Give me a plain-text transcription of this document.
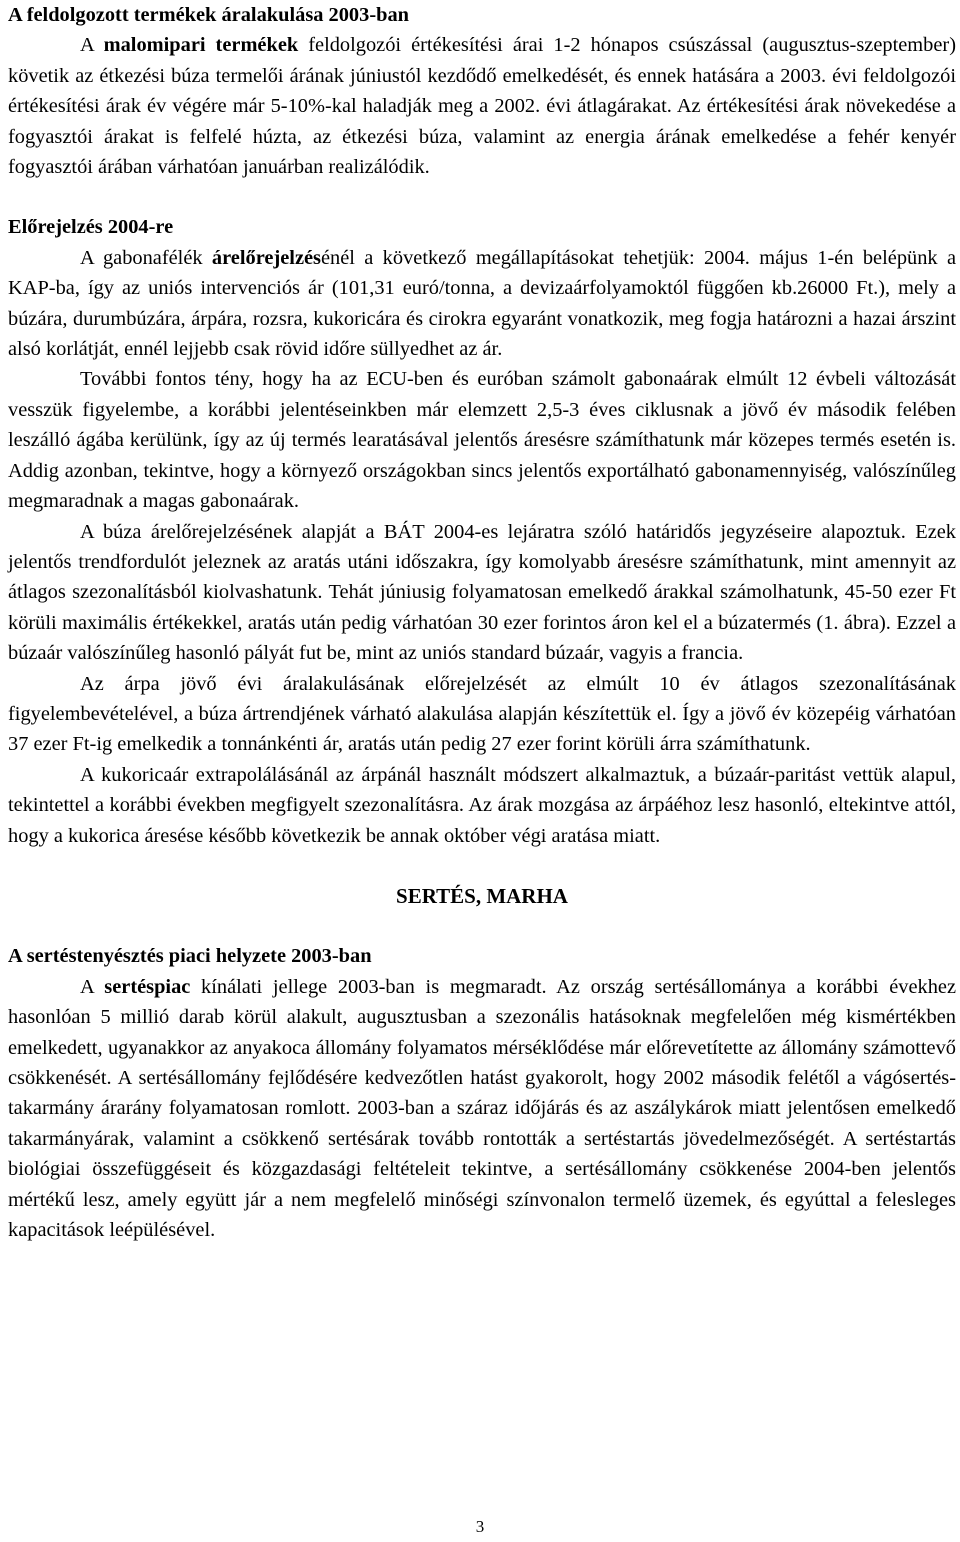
A feldolgozott termékek áralakulása 2003-ban

A malomipari termékek feldolgozói értékesítési árai 1-2 hónapos csúszással (augusztus-szeptember) követik az étkezési búza termelői árának júniustól kezdődő emelkedését, és ennek hatására a 2003. évi feldolgozói értékesítési árak év végére már 5-10%-kal haladják meg a 2002. évi átlagárakat. Az értékesítési árak növekedése a fogyasztói árakat is felfelé húzta, az étkezési búza, valamint az energia árának emelkedése a fehér kenyér fogyasztói árában várhatóan januárban realizálódik.

Előrejelzés 2004-re

A gabonafélék árelőrejelzésénél a következő megállapításokat tehetjük: 2004. május 1-én belépünk a KAP-ba, így az uniós intervenciós ár (101,31 euró/tonna, a devizaárfolyamoktól függően kb.26000 Ft.), mely a búzára, durumbúzára, árpára, rozsra, kukoricára és cirokra egyaránt vonatkozik, meg fogja határozni a hazai árszint alsó korlátját, ennél lejjebb csak rövid időre süllyedhet az ár.

További fontos tény, hogy ha az ECU-ben és euróban számolt gabonaárak elmúlt 12 évbeli változását vesszük figyelembe, a korábbi jelentéseinkben már elemzett 2,5-3 éves ciklusnak a jövő év második felében leszálló ágába kerülünk, így az új termés learatásával jelentős áresésre számíthatunk már közepes termés esetén is. Addig azonban, tekintve, hogy a környező országokban sincs jelentős exportálható gabonamennyiség, valószínűleg megmaradnak a magas gabonaárak.

A búza árelőrejelzésének alapját a BÁT 2004-es lejáratra szóló határidős jegyzéseire alapoztuk. Ezek jelentős trendfordulót jeleznek az aratás utáni időszakra, így komolyabb áresésre számíthatunk, mint amennyit az átlagos szezonalításból kiolvashatunk. Tehát júniusig folyamatosan emelkedő árakkal számolhatunk, 45-50 ezer Ft körüli maximális értékekkel, aratás után pedig várhatóan 30 ezer forintos áron kel el a búzatermés (1. ábra). Ezzel a búzaár valószínűleg hasonló pályát fut be, mint az uniós standard búzaár, vagyis a francia.

Az árpa jövő évi áralakulásának előrejelzését az elmúlt 10 év átlagos szezonalításának figyelembevételével, a búza ártrendjének várható alakulása alapján készítettük el. Így a jövő év közepéig várhatóan 37 ezer Ft-ig emelkedik a tonnánkénti ár, aratás után pedig 27 ezer forint körüli árra számíthatunk.

A kukoricaár extrapolálásánál az árpánál használt módszert alkalmaztuk, a búzaár-paritást vettük alapul, tekintettel a korábbi években megfigyelt szezonalításra. Az árak mozgása az árpáéhoz lesz hasonló, eltekintve attól, hogy a kukorica áresése később következik be annak október végi aratása miatt.

SERTÉS, MARHA

A sertéstenyésztés piaci helyzete 2003-ban

A sertéspiac kínálati jellege 2003-ban is megmaradt. Az ország sertésállománya a korábbi évekhez hasonlóan 5 millió darab körül alakult, augusztusban a szezonális hatásoknak megfelelően még kismértékben emelkedett, ugyanakkor az anyakoca állomány folyamatos mérséklődése már előrevetítette az állomány számottevő csökkenését. A sertésállomány fejlődésére kedvezőtlen hatást gyakorolt, hogy 2002 második felétől a vágósertés-takarmány árarány folyamatosan romlott. 2003-ban a száraz időjárás és az aszálykárok miatt jelentősen emelkedő takarmányárak, valamint a csökkenő sertésárak tovább rontották a sertéstartás jövedelmezőségét. A sertéstartás biológiai összefüggéseit és közgazdasági feltételeit tekintve, a sertésállomány csökkenése 2004-ben jelentős mértékű lesz, amely együtt jár a nem megfelelő minőségi színvonalon termelő üzemek, és egyúttal a felesleges kapacitások leépülésével.

3
